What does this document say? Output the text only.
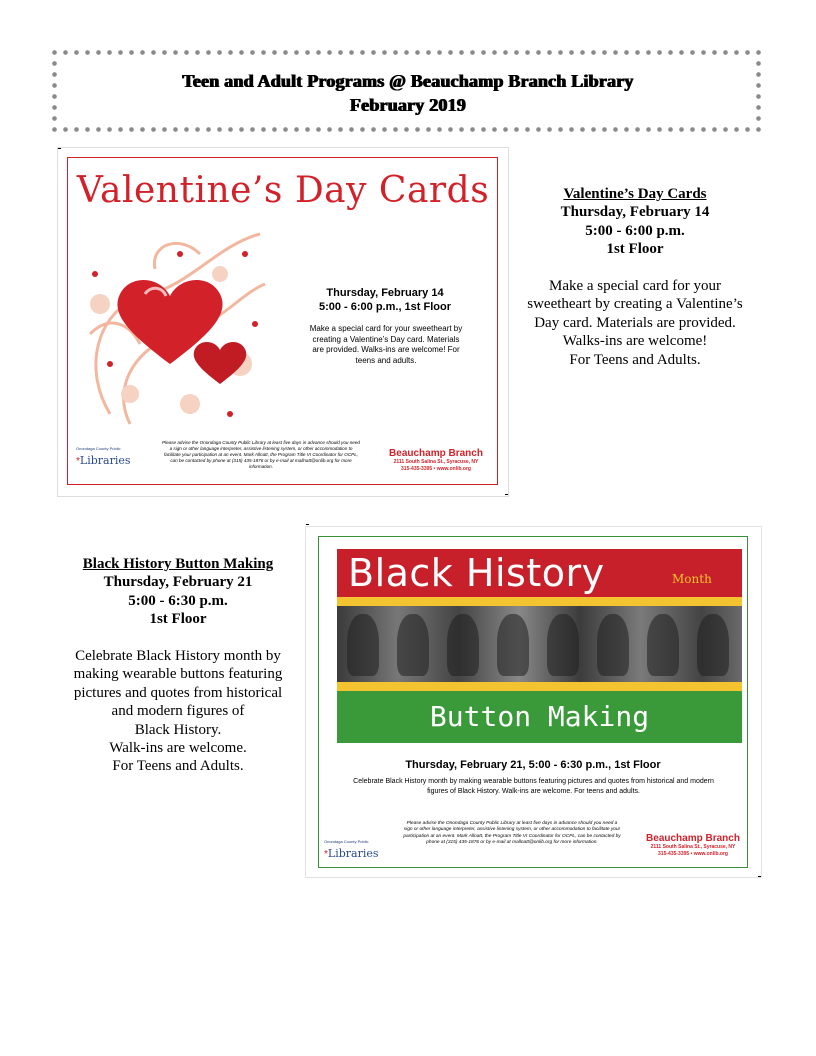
Teen and Adult Programs @ Beauchamp Branch Library
February 2019
Valentine’s Day Cards
Thursday, February 14
5:00 - 6:00 p.m., 1st Floor
Make a special card for your sweetheart by creating a Valentine’s Day card. Materials are provided. Walks-ins are welcome! For teens and adults.
Please advise the Onondaga County Public Library at least five days in advance should you need a sign or other language interpreter, assistive listening system, or other accommodation to facilitate your participation at an event. Mark Allnatt, the Program Title VI Coordinator for OCPL, can be contacted by phone at (315) 435-1876 or by e-mail at mallnatt@onlib.org for more information.
Onondaga County Public
*Libraries
Beauchamp Branch
2111 South Salina St., Syracuse, NY
315-435-3395 • www.onlib.org
Valentine’s Day Cards
Thursday, February 14
5:00 - 6:00 p.m.
1st Floor
Make a special card for your
sweetheart by creating a Valentine’s
Day card. Materials are provided.
Walks-ins are welcome!
For Teens and Adults.
Black History Button Making
Thursday, February 21
5:00 - 6:30 p.m.
1st Floor
Celebrate Black History month by
making wearable buttons featuring
pictures and quotes from historical
and modern figures of
Black History.
Walk-ins are welcome.
For Teens and Adults.
Black History	Month
Button Making
Thursday, February 21, 5:00 - 6:30 p.m., 1st Floor
Celebrate Black History month by making wearable buttons featuring pictures and quotes from historical and modern figures of Black History. Walk-ins are welcome. For teens and adults.
Please advise the Onondaga County Public Library at least five days in advance should you need a sign or other language interpreter, assistive listening system, or other accommodation to facilitate your participation at an event. Mark Allnatt, the Program Title VI Coordinator for OCPL, can be contacted by phone at (315) 435-1876 or by e-mail at mallnatt@onlib.org for more information.
Onondaga County Public
*Libraries
Beauchamp Branch
2111 South Salina St., Syracuse, NY
315-435-3395 • www.onlib.org
